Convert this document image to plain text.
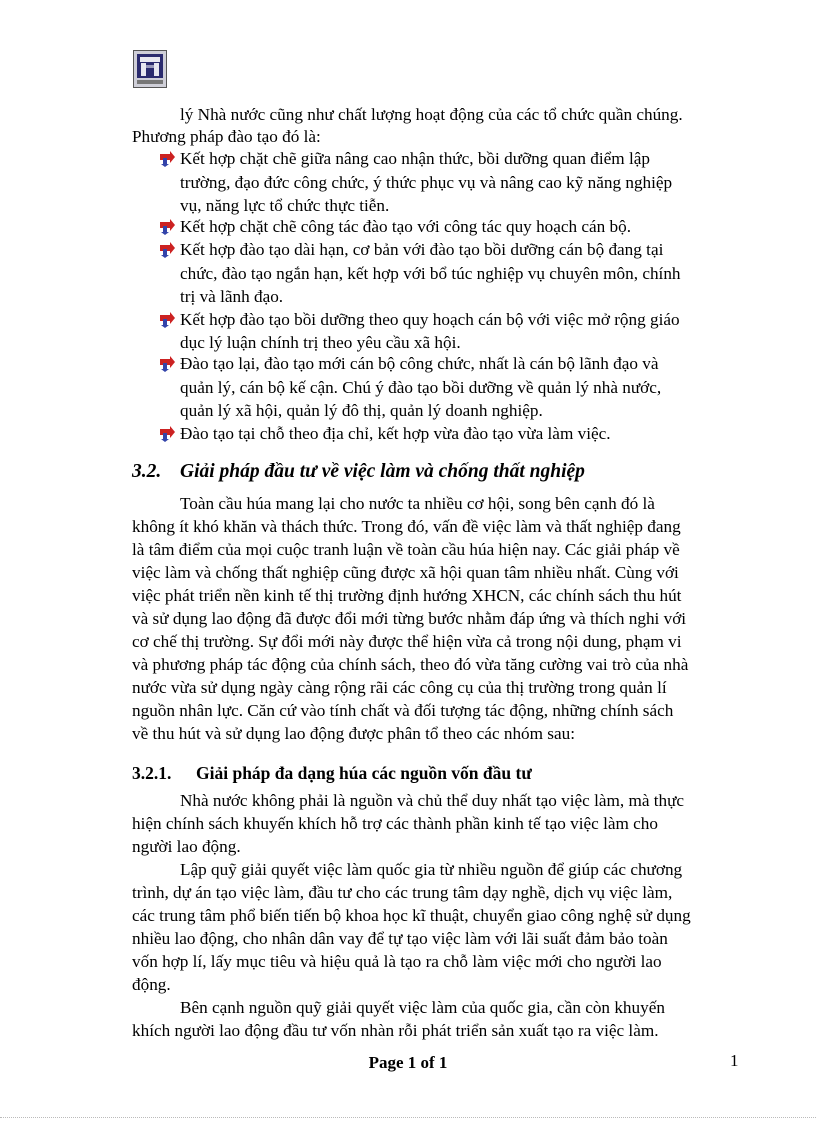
lý Nhà nước cũng như chất lượng hoạt động của các tổ chức quần chúng.
Phương pháp đào tạo đó là:
Kết hợp chặt chẽ giữa nâng cao nhận thức, bồi dưỡng quan điểm lập
trường, đạo đức công chức, ý thức phục vụ và nâng cao kỹ năng nghiệp
vụ, năng lực tổ chức thực tiễn.
Kết hợp chặt chẽ công tác đào tạo với công tác quy hoạch cán bộ.
Kết hợp đào tạo dài hạn, cơ bản với đào tạo bồi dưỡng cán bộ đang tại
chức, đào tạo ngắn hạn, kết hợp với bổ túc nghiệp vụ chuyên môn, chính
trị và lãnh đạo.
Kết hợp đào tạo bồi dưỡng theo quy hoạch cán bộ với việc mở rộng giáo
dục lý luận chính trị theo yêu cầu xã hội.
Đào tạo lại, đào tạo mới cán bộ công chức, nhất là cán bộ lãnh đạo và
quản lý, cán bộ kế cận. Chú ý đào tạo bồi dưỡng về quản lý nhà nước,
quản lý xã hội, quản lý đô thị, quản lý doanh nghiệp.
Đào tạo tại chỗ theo địa chỉ, kết hợp vừa đào tạo vừa làm việc.
3.2. Giải pháp đầu tư về việc làm và chống thất nghiệp
Toàn cầu húa mang lại cho nước ta nhiều cơ hội, song bên cạnh đó là
không ít khó khăn và thách thức. Trong đó, vấn đề việc làm và thất nghiệp đang
là tâm điểm của mọi cuộc tranh luận về toàn cầu húa hiện nay. Các giải pháp về
việc làm và chống thất nghiệp cũng được xã hội quan tâm nhiều nhất. Cùng với
việc phát triển nền kinh tế thị trường định hướng XHCN, các chính sách thu hút
và sử dụng lao động đã được đổi mới từng bước nhằm đáp ứng và thích nghi với
cơ chế thị trường. Sự đổi mới này được thể hiện vừa cả trong nội dung, phạm vi
và phương pháp tác động của chính sách, theo đó vừa tăng cường vai trò của nhà
nước vừa sử dụng ngày càng rộng rãi các công cụ của thị trường trong quản lí
nguồn nhân lực. Căn cứ vào tính chất và đối tượng tác động, những chính sách
về thu hút và sử dụng lao động được phân tổ theo các nhóm sau:
3.2.1. Giải pháp đa dạng húa các nguồn vốn đầu tư
Nhà nước không phải là nguồn và chủ thể duy nhất tạo việc làm, mà thực
hiện chính sách khuyến khích hỗ trợ các thành phần kinh tế tạo việc làm cho
người lao động.
Lập quỹ giải quyết việc làm quốc gia từ nhiều nguồn để giúp các chương
trình, dự án tạo việc làm, đầu tư cho các trung tâm dạy nghề, dịch vụ việc làm,
các trung tâm phổ biến tiến bộ khoa học kĩ thuật, chuyển giao công nghệ sử dụng
nhiều lao động, cho nhân dân vay để tự tạo việc làm với lãi suất đảm bảo toàn
vốn hợp lí, lấy mục tiêu và hiệu quả là tạo ra chỗ làm việc mới cho người lao
động.
Bên cạnh nguồn quỹ giải quyết việc làm của quốc gia, cần còn khuyến
khích người lao động đầu tư vốn nhàn rỗi phát triển sản xuất tạo ra việc làm.
Page 1 of 1	1
